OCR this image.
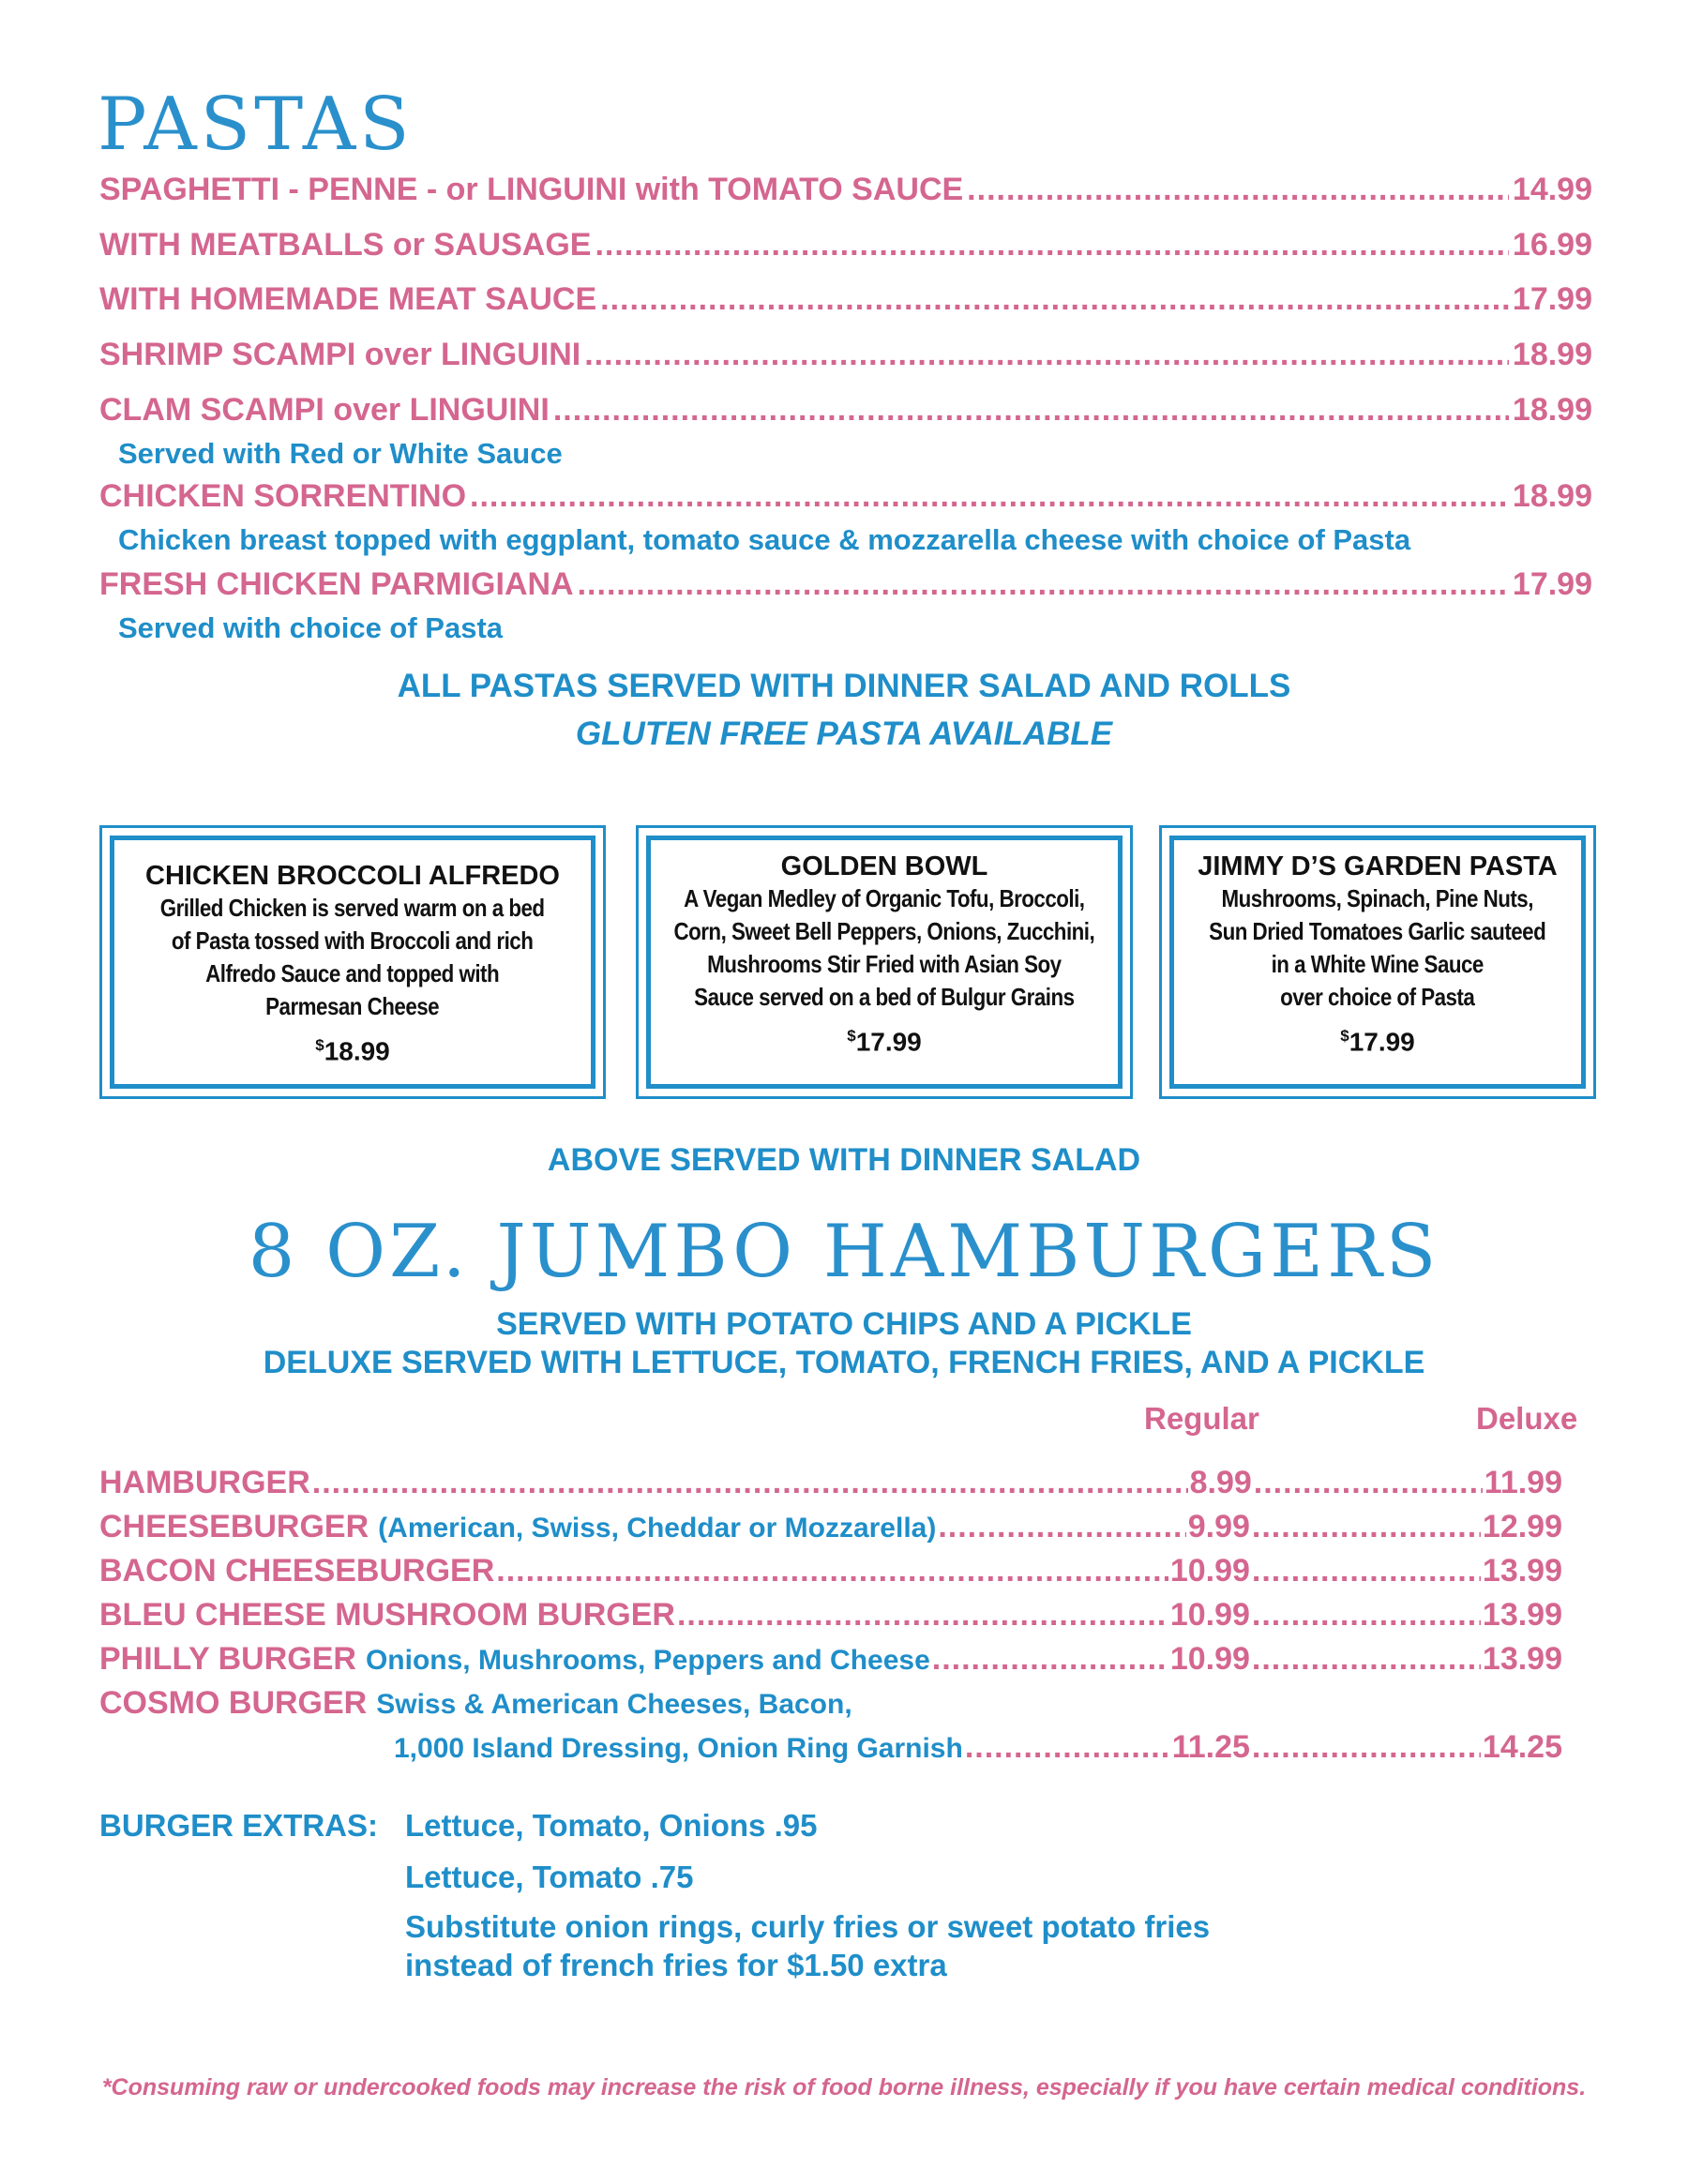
PASTAS
SPAGHETTI - PENNE - or LINGUINI with TOMATO SAUCE .....	14.99
WITH MEATBALLS or SAUSAGE .....	16.99
WITH HOMEMADE MEAT SAUCE .....	17.99
SHRIMP SCAMPI over LINGUINI .....	18.99
CLAM SCAMPI over LINGUINI .....	18.99
Served with Red or White Sauce
CHICKEN SORRENTINO .....	18.99
Chicken breast topped with eggplant, tomato sauce & mozzarella cheese with choice of Pasta
FRESH CHICKEN PARMIGIANA .....	17.99
Served with choice of Pasta
ALL PASTAS SERVED WITH DINNER SALAD AND ROLLS
GLUTEN FREE PASTA AVAILABLE
CHICKEN BROCCOLI ALFREDO
Grilled Chicken is served warm on a bed
of Pasta tossed with Broccoli and rich
Alfredo Sauce and topped with
Parmesan Cheese
$18.99
GOLDEN BOWL
A Vegan Medley of Organic Tofu, Broccoli,
Corn, Sweet Bell Peppers, Onions, Zucchini,
Mushrooms Stir Fried with Asian Soy
Sauce served on a bed of Bulgur Grains
$17.99
JIMMY D’S GARDEN PASTA
Mushrooms, Spinach, Pine Nuts,
Sun Dried Tomatoes Garlic sauteed
in a White Wine Sauce
over choice of Pasta
$17.99
ABOVE SERVED WITH DINNER SALAD
8 OZ. JUMBO HAMBURGERS
SERVED WITH POTATO CHIPS AND A PICKLE
DELUXE SERVED WITH LETTUCE, TOMATO, FRENCH FRIES, AND A PICKLE
Regular	Deluxe
HAMBURGER .....	8.99 .....	11.99
CHEESEBURGER (American, Swiss, Cheddar or Mozzarella) .....	9.99 .....	12.99
BACON CHEESEBURGER .....	10.99 .....	13.99
BLEU CHEESE MUSHROOM BURGER .....	10.99 .....	13.99
PHILLY BURGER Onions, Mushrooms, Peppers and Cheese .....	10.99 .....	13.99
COSMO BURGER Swiss & American Cheeses, Bacon,
1,000 Island Dressing, Onion Ring Garnish .....	11.25 .....	14.25
BURGER EXTRAS: Lettuce, Tomato, Onions .95
Lettuce, Tomato .75
Substitute onion rings, curly fries or sweet potato fries
instead of french fries for $1.50 extra
*Consuming raw or undercooked foods may increase the risk of food borne illness, especially if you have certain medical conditions.
